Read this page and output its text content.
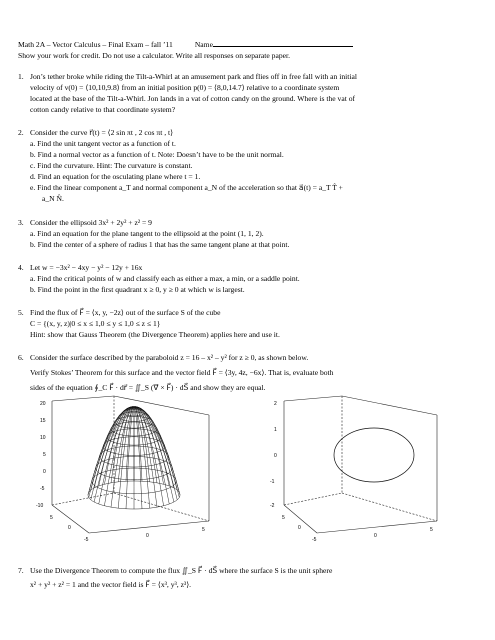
Math 2A – Vector Calculus – Final Exam – fall ’11	Name
Show your work for credit. Do not use a calculator. Write all responses on separate paper.
1. Jon’s tether broke while riding the Tilt-a-Whirl at an amusement park and flies off in free fall with an initial
velocity of v(0) = ⟨10,10,9.8⟩ from an initial position p(0) = ⟨8,0,14.7⟩ relative to a coordinate system
located at the base of the Tilt-a-Whirl. Jon lands in a vat of cotton candy on the ground. Where is the vat of
cotton candy relative to that coordinate system?
2. Consider the curve r⃗(t) = ⟨2 sin πt , 2 cos πt , t⟩
a. Find the unit tangent vector as a function of t.
b. Find a normal vector as a function of t. Note: Doesn’t have to be the unit normal.
c. Find the curvature. Hint: The curvature is constant.
d. Find an equation for the osculating plane where t = 1.
e. Find the linear component a_T and normal component a_N of the acceleration so that a⃗(t) = a_T T̂ +
a_N N̂.
3. Consider the ellipsoid 3x² + 2y² + z² = 9
a. Find an equation for the plane tangent to the ellipsoid at the point (1, 1, 2).
b. Find the center of a sphere of radius 1 that has the same tangent plane at that point.
4. Let w = −3x² − 4xy − y² − 12y + 16x
a. Find the critical points of w and classify each as either a max, a min, or a saddle point.
b. Find the point in the first quadrant x ≥ 0, y ≥ 0 at which w is largest.
5. Find the flux of F⃗ = ⟨x, y, −2z⟩ out of the surface S of the cube
C = {(x, y, z)|0 ≤ x ≤ 1,0 ≤ y ≤ 1,0 ≤ z ≤ 1}
Hint: show that Gauss Theorem (the Divergence Theorem) applies here and use it.
6. Consider the surface described by the paraboloid z = 16 – x² – y² for z ≥ 0, as shown below.
Verify Stokes’ Theorem for this surface and the vector field F⃗ = ⟨3y, 4z, −6x⟩. That is, evaluate both
sides of the equation ∮_C F⃗ · dr⃗ = ∬_S (∇⃗ × F⃗) · dS⃗ and show they are equal.
20
15
10
5
0
-5
-10
5
0
-5
0
5
2
1
0
-1
-2
5
0
-5
0
5
7. Use the Divergence Theorem to compute the flux ∬_S F⃗ · dS⃗ where the surface S is the unit sphere
x² + y² + z² = 1 and the vector field is F⃗ = ⟨x³, y³, z³⟩.
